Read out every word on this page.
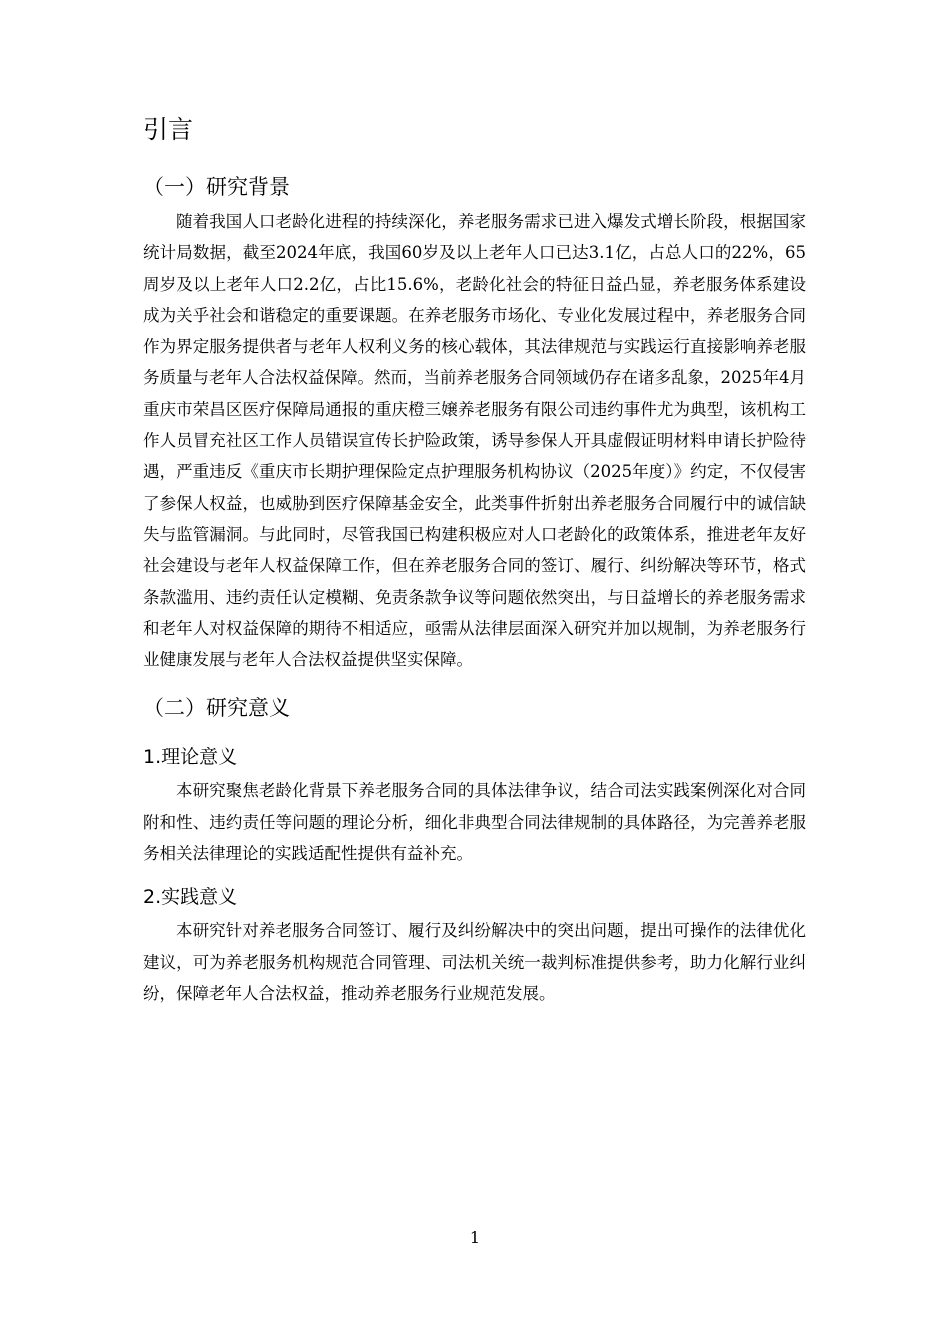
引言
（一）研究背景

随着我国人口老龄化进程的持续深化，养老服务需求已进入爆发式增长阶段，根据国家统计局数据，截至2024年底，我国60岁及以上老年人口已达3.1亿，占总人口的22%，65周岁及以上老年人口2.2亿，占比15.6%，老龄化社会的特征日益凸显，养老服务体系建设成为关乎社会和谐稳定的重要课题。在养老服务市场化、专业化发展过程中，养老服务合同作为界定服务提供者与老年人权利义务的核心载体，其法律规范与实践运行直接影响养老服务质量与老年人合法权益保障。然而，当前养老服务合同领域仍存在诸多乱象，2025年4月重庆市荣昌区医疗保障局通报的重庆橙三嬢养老服务有限公司违约事件尤为典型，该机构工作人员冒充社区工作人员错误宣传长护险政策，诱导参保人开具虚假证明材料申请长护险待遇，严重违反《重庆市长期护理保险定点护理服务机构协议（2025年度）》约定，不仅侵害了参保人权益，也威胁到医疗保障基金安全，此类事件折射出养老服务合同履行中的诚信缺失与监管漏洞。与此同时，尽管我国已构建积极应对人口老龄化的政策体系，推进老年友好社会建设与老年人权益保障工作，但在养老服务合同的签订、履行、纠纷解决等环节，格式条款滥用、违约责任认定模糊、免责条款争议等问题依然突出，与日益增长的养老服务需求和老年人对权益保障的期待不相适应，亟需从法律层面深入研究并加以规制，为养老服务行业健康发展与老年人合法权益提供坚实保障。

（二）研究意义
1.理论意义

本研究聚焦老龄化背景下养老服务合同的具体法律争议，结合司法实践案例深化对合同附和性、违约责任等问题的理论分析，细化非典型合同法律规制的具体路径，为完善养老服务相关法律理论的实践适配性提供有益补充。

2.实践意义

本研究针对养老服务合同签订、履行及纠纷解决中的突出问题，提出可操作的法律优化建议，可为养老服务机构规范合同管理、司法机关统一裁判标准提供参考，助力化解行业纠纷，保障老年人合法权益，推动养老服务行业规范发展。

1
